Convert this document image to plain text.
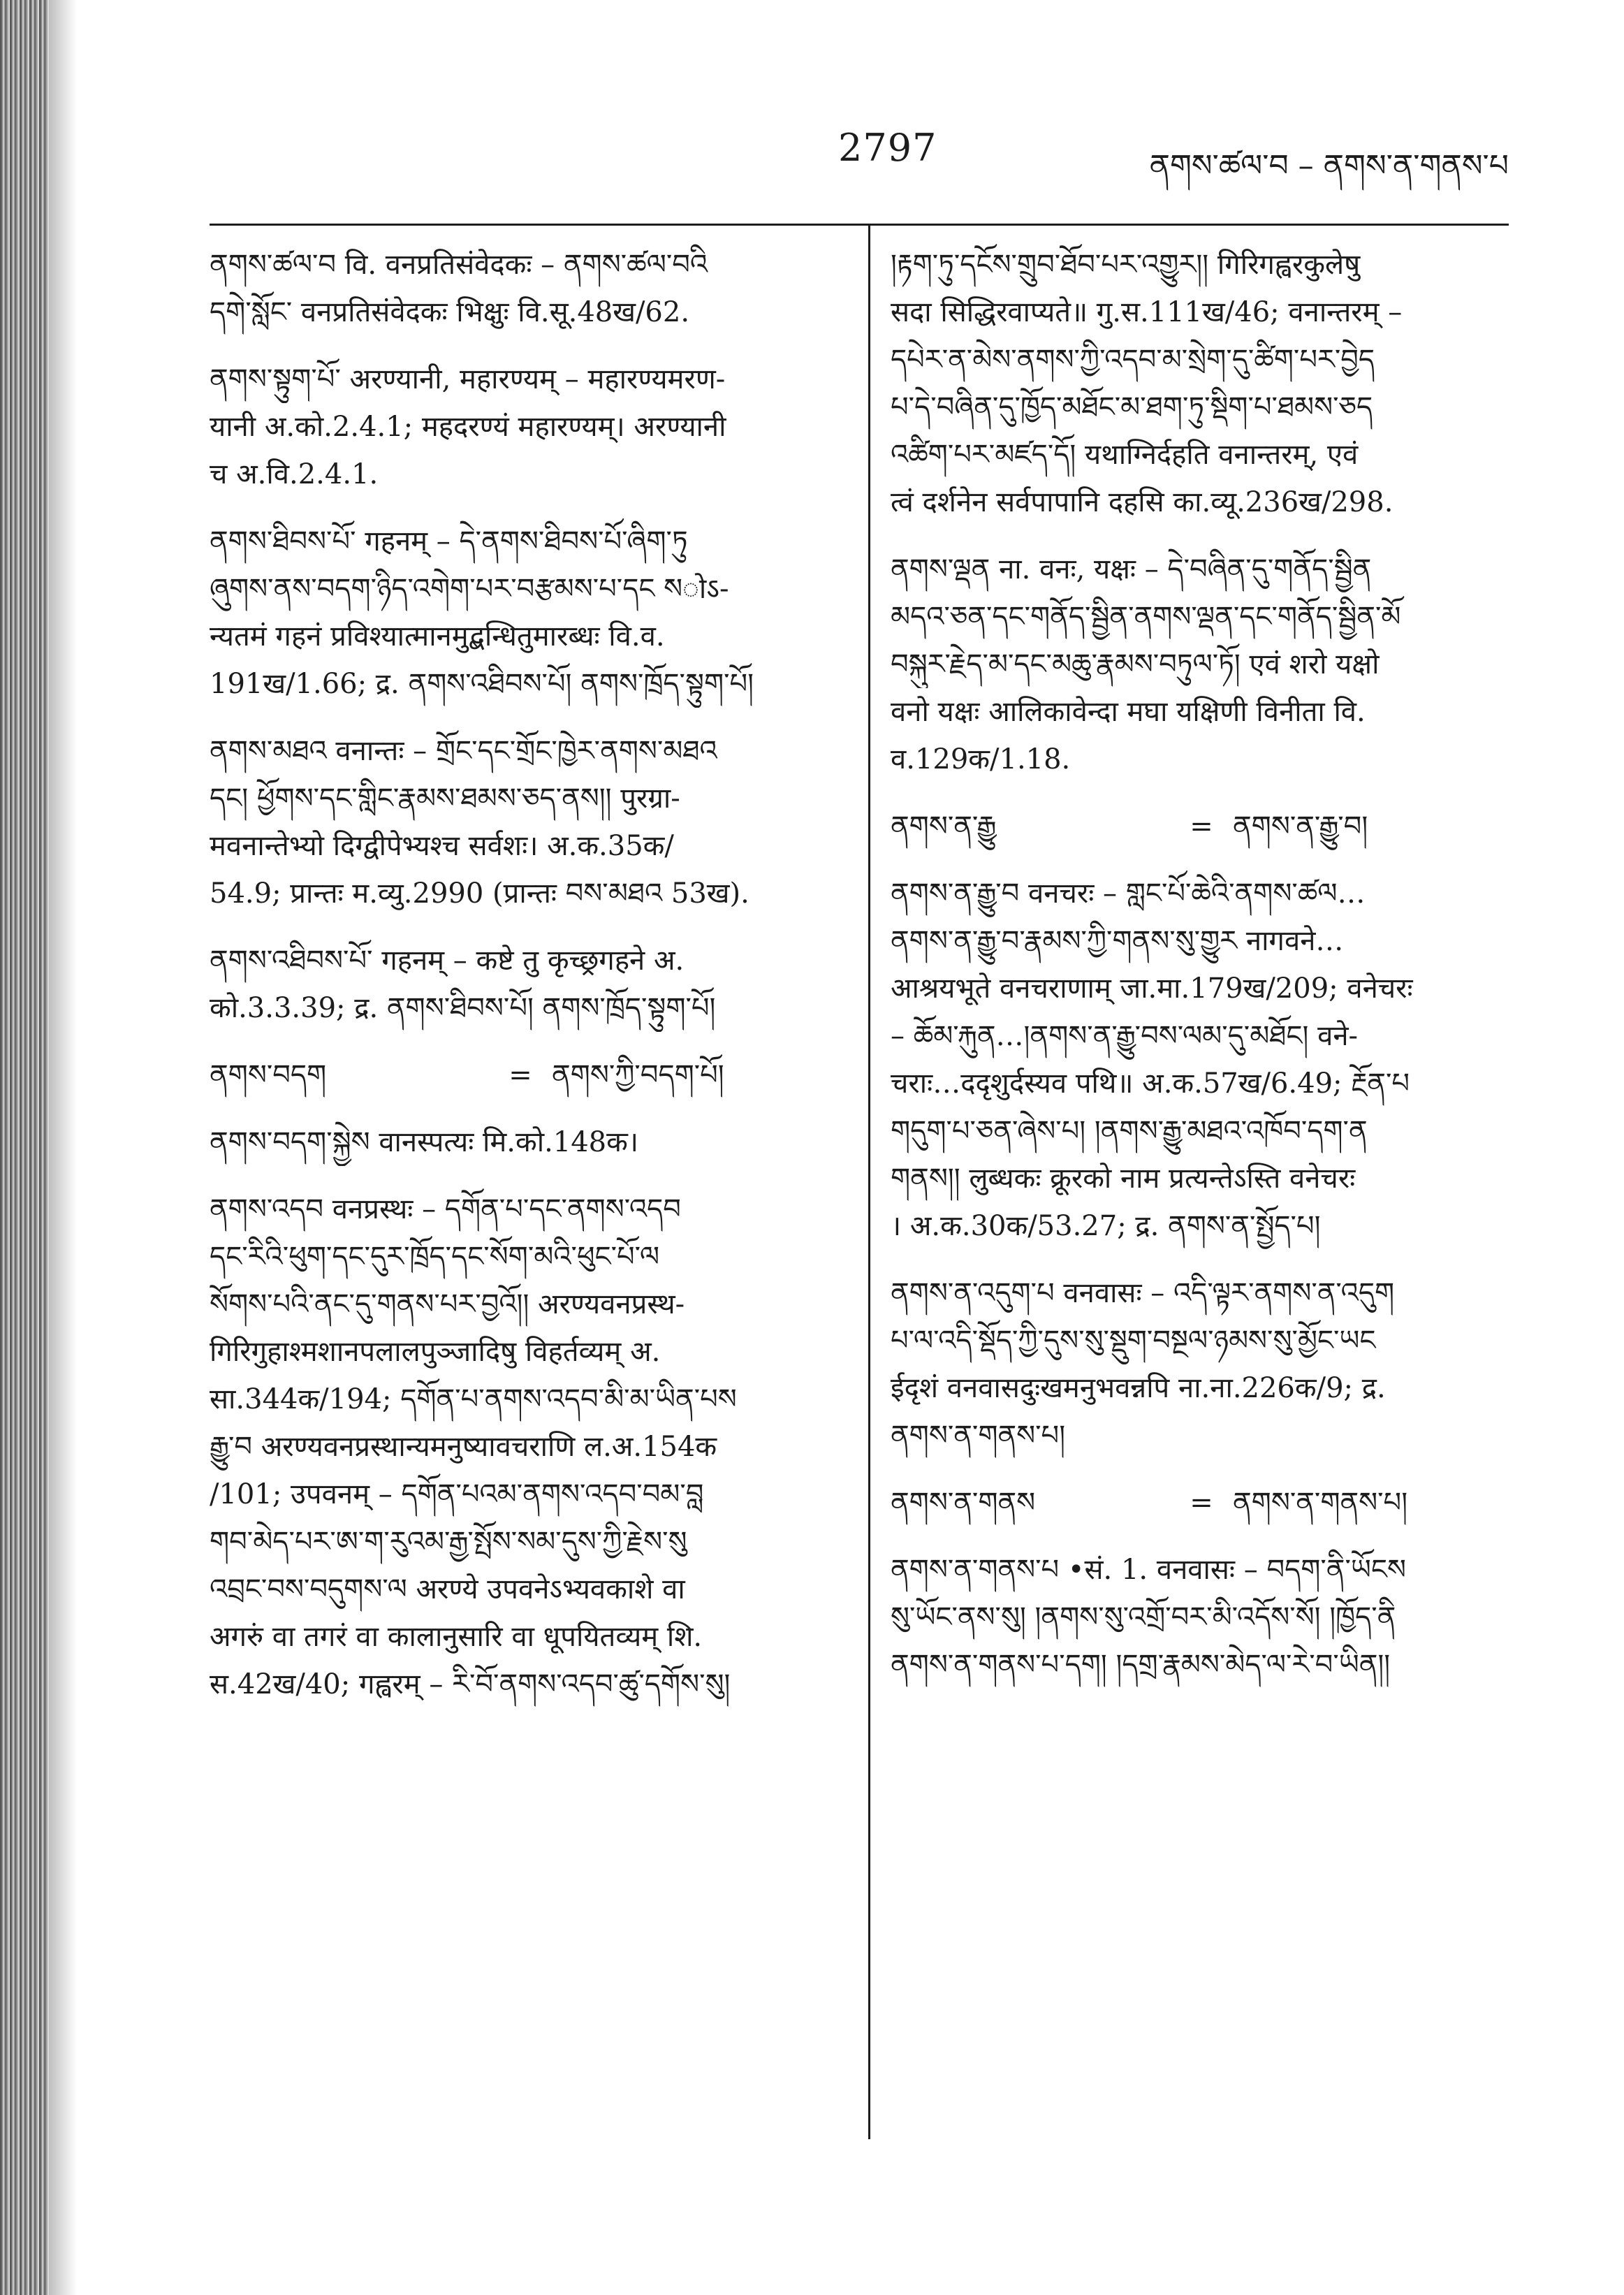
2797	ནགས་ཚལ་བ – ནགས་ན་གནས་པ
ནགས་ཚལ་བ वि. वनप्रतिसंवेदकः – ནགས་ཚལ་བའི
དགེ་སློང་ वनप्रतिसंवेदकः भिक्षुः वि.सू.48ख/62.
ནགས་སྟུག་པོ་ अरण्यानी, महारण्यम् – महारण्यमरण-
यानी अ.को.2.4.1; महदरण्यं महारण्यम्। अरण्यानी
च अ.वि.2.4.1.
ནགས་ཐིབས་པོ་ गहनम् – དེ་ནགས་ཐིབས་པོ་ཞིག་ཏུ
ཞུགས་ནས་བདག་ཉིད་འགེག་པར་བརྩམས་པ་དང སोऽ-
न्यतमं गहनं प्रविश्यात्मानमुद्बन्धितुमारब्धः वि.व.
191ख/1.66; द्र. ནགས་འཐིབས་པོ། ནགས་ཁྲོད་སྟུག་པོ།
ནགས་མཐའ वनान्तः – གྲོང་དང་གྲོང་ཁྱེར་ནགས་མཐའ
དང། ཕྱོགས་དང་གླིང་རྣམས་ཐམས་ཅད་ནས།། पुरग्रा-
मवनान्तेभ्यो दिग्द्वीपेभ्यश्च सर्वशः। अ.क.35क/
54.9; प्रान्तः म.व्यु.2990 (प्रान्तः བས་མཐའ 53ख).
ནགས་འཐིབས་པོ་ गहनम् – कष्टे तु कृच्छ्रगहने अ.
को.3.3.39; द्र. ནགས་ཐིབས་པོ། ནགས་ཁྲོད་སྟུག་པོ།
ནགས་བདག	= ནགས་ཀྱི་བདག་པོ།
ནགས་བདག་སྐྱེས वानस्पत्यः मि.को.148क।
ནགས་འདབ वनप्रस्थः – དགོན་པ་དང་ནགས་འདབ
དང་རིའི་ཕུག་དང་དུར་ཁྲོད་དང་སོག་མའི་ཕུང་པོ་ལ
སོགས་པའི་ནང་དུ་གནས་པར་བྱའོ།། अरण्यवनप्रस्थ-
गिरिगुहाश्मशानपलालपुञ्जादिषु विहर्तव्यम् अ.
सा.344क/194; དགོན་པ་ནགས་འདབ་མི་མ་ཡིན་པས
རྒྱུ་བ अरण्यवनप्रस्थान्यमनुष्यावचराणि ल.अ.154क
/101; उपवनम् – དགོན་པའམ་ནགས་འདབ་བམ་བླ
གབ་མེད་པར་ཨ་ག་རུའམ་རྒྱ་སྤོས་སམ་དུས་ཀྱི་རྗེས་སུ
འབྲང་བས་བདུགས་ལ अरण्ये उपवनेऽभ्यवकाशे वा
अगरुं वा तगरं वा कालानुसारि वा धूपयितव्यम् शि.
स.42ख/40; गह्वरम् – རི་བོ་ནགས་འདབ་ཚུ་དགོས་སུ།
།རྟག་ཏུ་དངོས་གྲུབ་ཐོབ་པར་འགྱུར།། गिरिगह्वरकुलेषु
सदा सिद्धिरवाप्यते॥ गु.स.111ख/46; वनान्तरम् –
དཔེར་ན་མེས་ནགས་ཀྱི་འདབ་མ་སྲེག་དུ་ཚིག་པར་བྱེད
པ་དེ་བཞིན་དུ་ཁྱོད་མཐོང་མ་ཐག་ཏུ་སྡིག་པ་ཐམས་ཅད
འཚིག་པར་མཛད་དོ། यथाग्निर्दहति वनान्तरम्, एवं
त्वं दर्शनेन सर्वपापानि दहसि का.व्यू.236ख/298.
ནགས་ལྡན ना. वनः, यक्षः – དེ་བཞིན་དུ་གནོད་སྦྱིན
མདའ་ཅན་དང་གནོད་སྦྱིན་ནགས་ལྡན་དང་གནོད་སྦྱིན་མོ
བསྐུར་རྗེད་མ་དང་མཆུ་རྣམས་བཏུལ་ཏོ། एवं शरो यक्षो
वनो यक्षः आलिकावेन्दा मघा यक्षिणी विनीता वि.
व.129क/1.18.
ནགས་ན་རྒྱུ	= ནགས་ན་རྒྱུ་བ།
ནགས་ན་རྒྱུ་བ वनचरः – གླང་པོ་ཆེའི་ནགས་ཚལ…
ནགས་ན་རྒྱུ་བ་རྣམས་ཀྱི་གནས་སུ་གྱུར नागवने…
आश्रयभूते वनचराणाम् जा.मा.179ख/209; वनेचरः
– ཆོམ་རྐུན…།ནགས་ན་རྒྱུ་བས་ལམ་དུ་མཐོང། वने-
चराः…ददृशुर्दस्यव पथि॥ अ.क.57ख/6.49; རྔོན་པ
གདུག་པ་ཅན་ཞེས་པ། །ནགས་རྒྱུ་མཐའ་འཁོབ་དག་ན
གནས།། लुब्धकः क्रूरको नाम प्रत्यन्तेऽस्ति वनेचरः
। अ.क.30क/53.27; द्र. ནགས་ན་སྤྱོད་པ།
ནགས་ན་འདུག་པ वनवासः – འདི་ལྟར་ནགས་ན་འདུག
པ་ལ་འདི་སྡོད་ཀྱི་དུས་སུ་སྡུག་བསྔལ་ཉམས་སུ་མྱོང་ཡང
ईदृशं वनवासदुःखमनुभवन्नपि ना.ना.226क/9; द्र.
ནགས་ན་གནས་པ།
ནགས་ན་གནས	= ནགས་ན་གནས་པ།
ནགས་ན་གནས་པ •सं. 1. वनवासः – བདག་ནི་ཡོངས
སུ་ཡོང་ནས་སུ། །ནགས་སུ་འགྲོ་བར་མི་འདོས་སོ། །ཁྱོད་ནི
ནགས་ན་གནས་པ་དག། །དགྲ་རྣམས་མེད་ལ་རེ་བ་ཡིན།།
